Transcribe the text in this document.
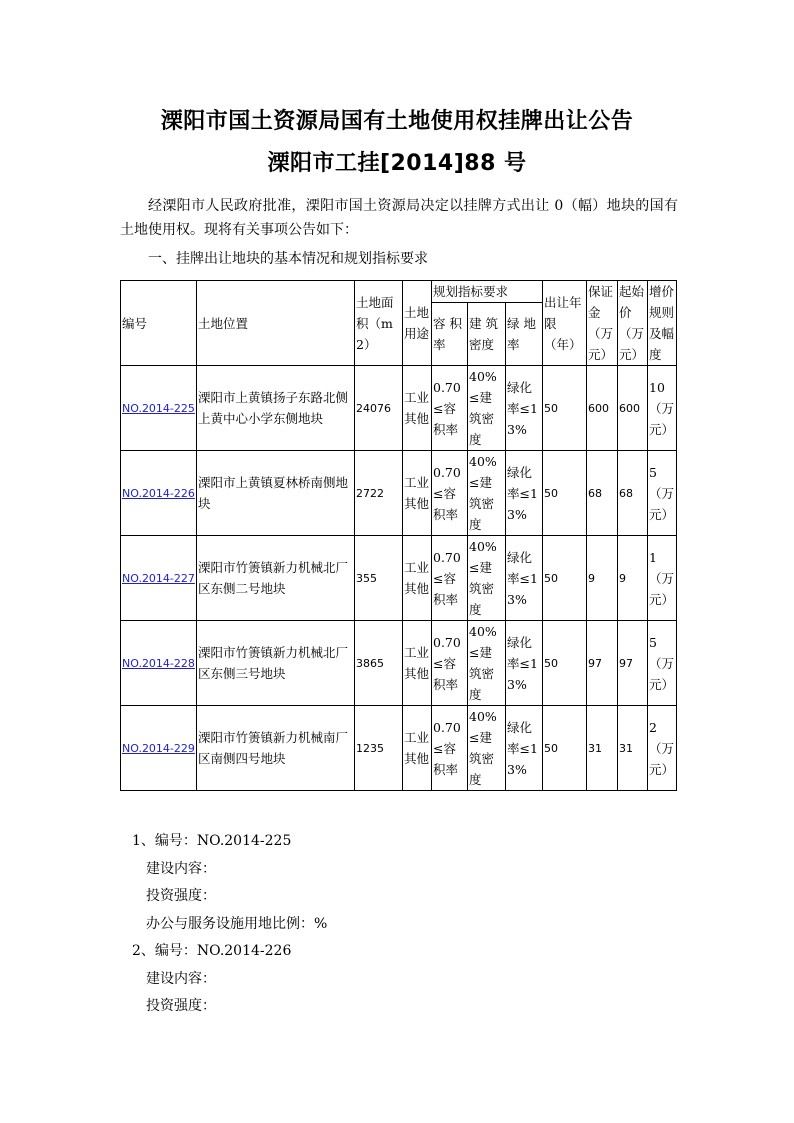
溧阳市国土资源局国有土地使用权挂牌出让公告
溧阳市工挂[2014]88 号
经溧阳市人民政府批准，溧阳市国土资源局决定以挂牌方式出让 0（幅）地块的国有土地使用权。现将有关事项公告如下：
一、挂牌出让地块的基本情况和规划指标要求
编号	土地位置	土地面积（m2）	土地用途	规划指标要求			出让年限（年）	保证金（万元）	起始价（万元）	增价规则及幅度
				容 积率	建 筑密度	绿 地率				
NO.2014-225	溧阳市上黄镇扬子东路北侧上黄中心小学东侧地块	24076	工业其他	0.70≤容积率	40%≤建筑密度	绿化率≤13%	50	600	600	10（万元）
NO.2014-226	溧阳市上黄镇夏林桥南侧地块	2722	工业其他	0.70≤容积率	40%≤建筑密度	绿化率≤13%	50	68	68	5（万元）
NO.2014-227	溧阳市竹箦镇新力机械北厂区东侧二号地块	355	工业其他	0.70≤容积率	40%≤建筑密度	绿化率≤13%	50	9	9	1（万元）
NO.2014-228	溧阳市竹箦镇新力机械北厂区东侧三号地块	3865	工业其他	0.70≤容积率	40%≤建筑密度	绿化率≤13%	50	97	97	5（万元）
NO.2014-229	溧阳市竹箦镇新力机械南厂区南侧四号地块	1235	工业其他	0.70≤容积率	40%≤建筑密度	绿化率≤13%	50	31	31	2（万元）
1、编号：NO.2014-225
建设内容：
投资强度：
办公与服务设施用地比例：%
2、编号：NO.2014-226
建设内容：
投资强度：
